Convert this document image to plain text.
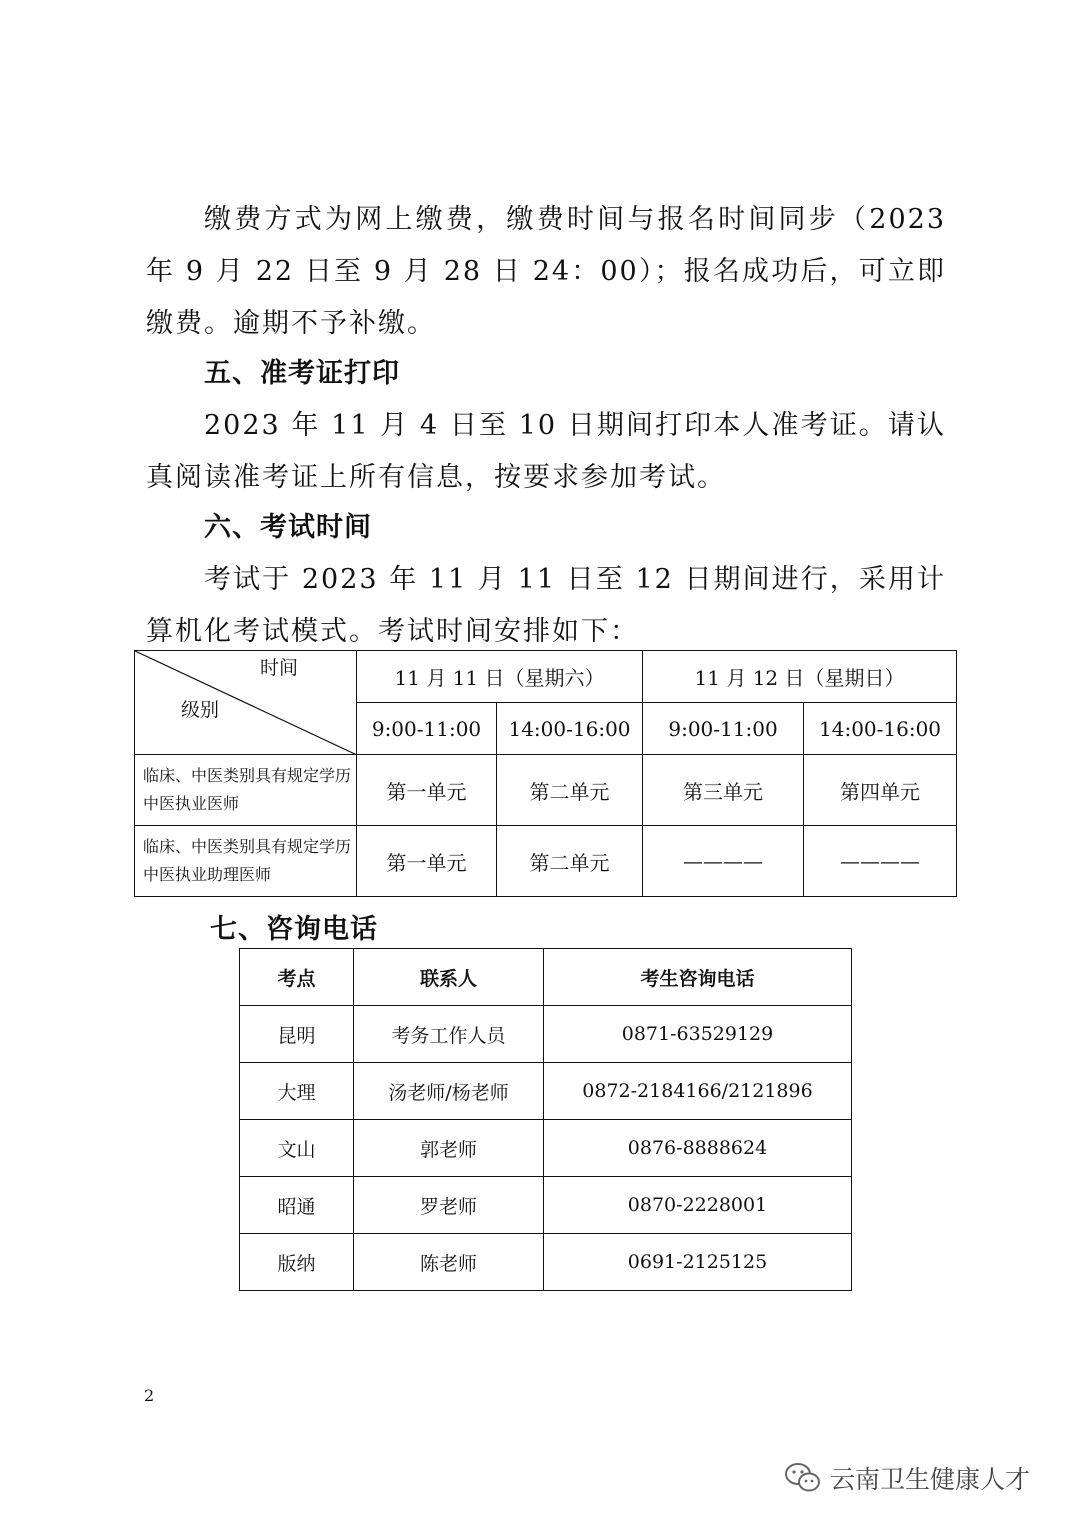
缴费方式为网上缴费，缴费时间与报名时间同步（2023 年 9 月 22 日至 9 月 28 日 24：00）；报名成功后，可立即缴费。逾期不予补缴。

五、准考证打印

2023 年 11 月 4 日至 10 日期间打印本人准考证。请认真阅读准考证上所有信息，按要求参加考试。

六、考试时间

考试于 2023 年 11 月 11 日至 12 日期间进行，采用计算机化考试模式。考试时间安排如下：

时间
级别	11 月 11 日（星期六）		11 月 12 日（星期日）	
	9:00-11:00	14:00-16:00	9:00-11:00	14:00-16:00
临床、中医类别具有规定学历中医执业医师	第一单元	第二单元	第三单元	第四单元
临床、中医类别具有规定学历中医执业助理医师	第一单元	第二单元	————	————
七、咨询电话
考点	联系人	考生咨询电话
昆明	考务工作人员	0871-63529129
大理	汤老师/杨老师	0872-2184166/2121896
文山	郭老师	0876-8888624
昭通	罗老师	0870-2228001
版纳	陈老师	0691-2125125

2

云南卫生健康人才
